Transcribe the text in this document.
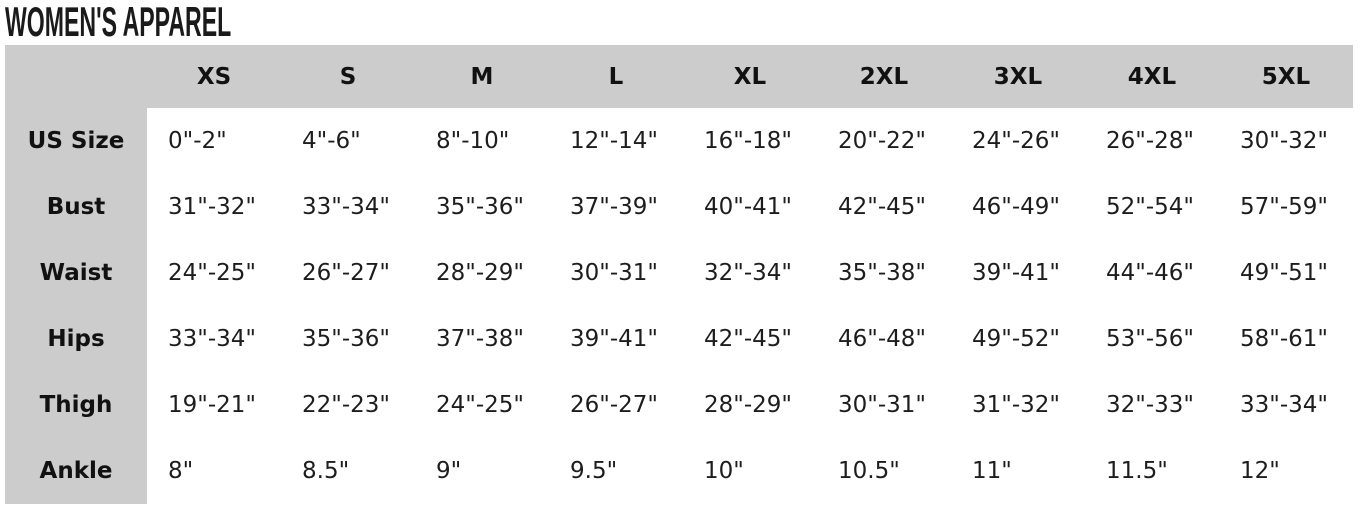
WOMEN'S APPAREL
	XS	S	M	L	XL	2XL	3XL	4XL	5XL
US Size	0"-2"	4"-6"	8"-10"	12"-14"	16"-18"	20"-22"	24"-26"	26"-28"	30"-32"
Bust	31"-32"	33"-34"	35"-36"	37"-39"	40"-41"	42"-45"	46"-49"	52"-54"	57"-59"
Waist	24"-25"	26"-27"	28"-29"	30"-31"	32"-34"	35"-38"	39"-41"	44"-46"	49"-51"
Hips	33"-34"	35"-36"	37"-38"	39"-41"	42"-45"	46"-48"	49"-52"	53"-56"	58"-61"
Thigh	19"-21"	22"-23"	24"-25"	26"-27"	28"-29"	30"-31"	31"-32"	32"-33"	33"-34"
Ankle	8"	8.5"	9"	9.5"	10"	10.5"	11"	11.5"	12"
